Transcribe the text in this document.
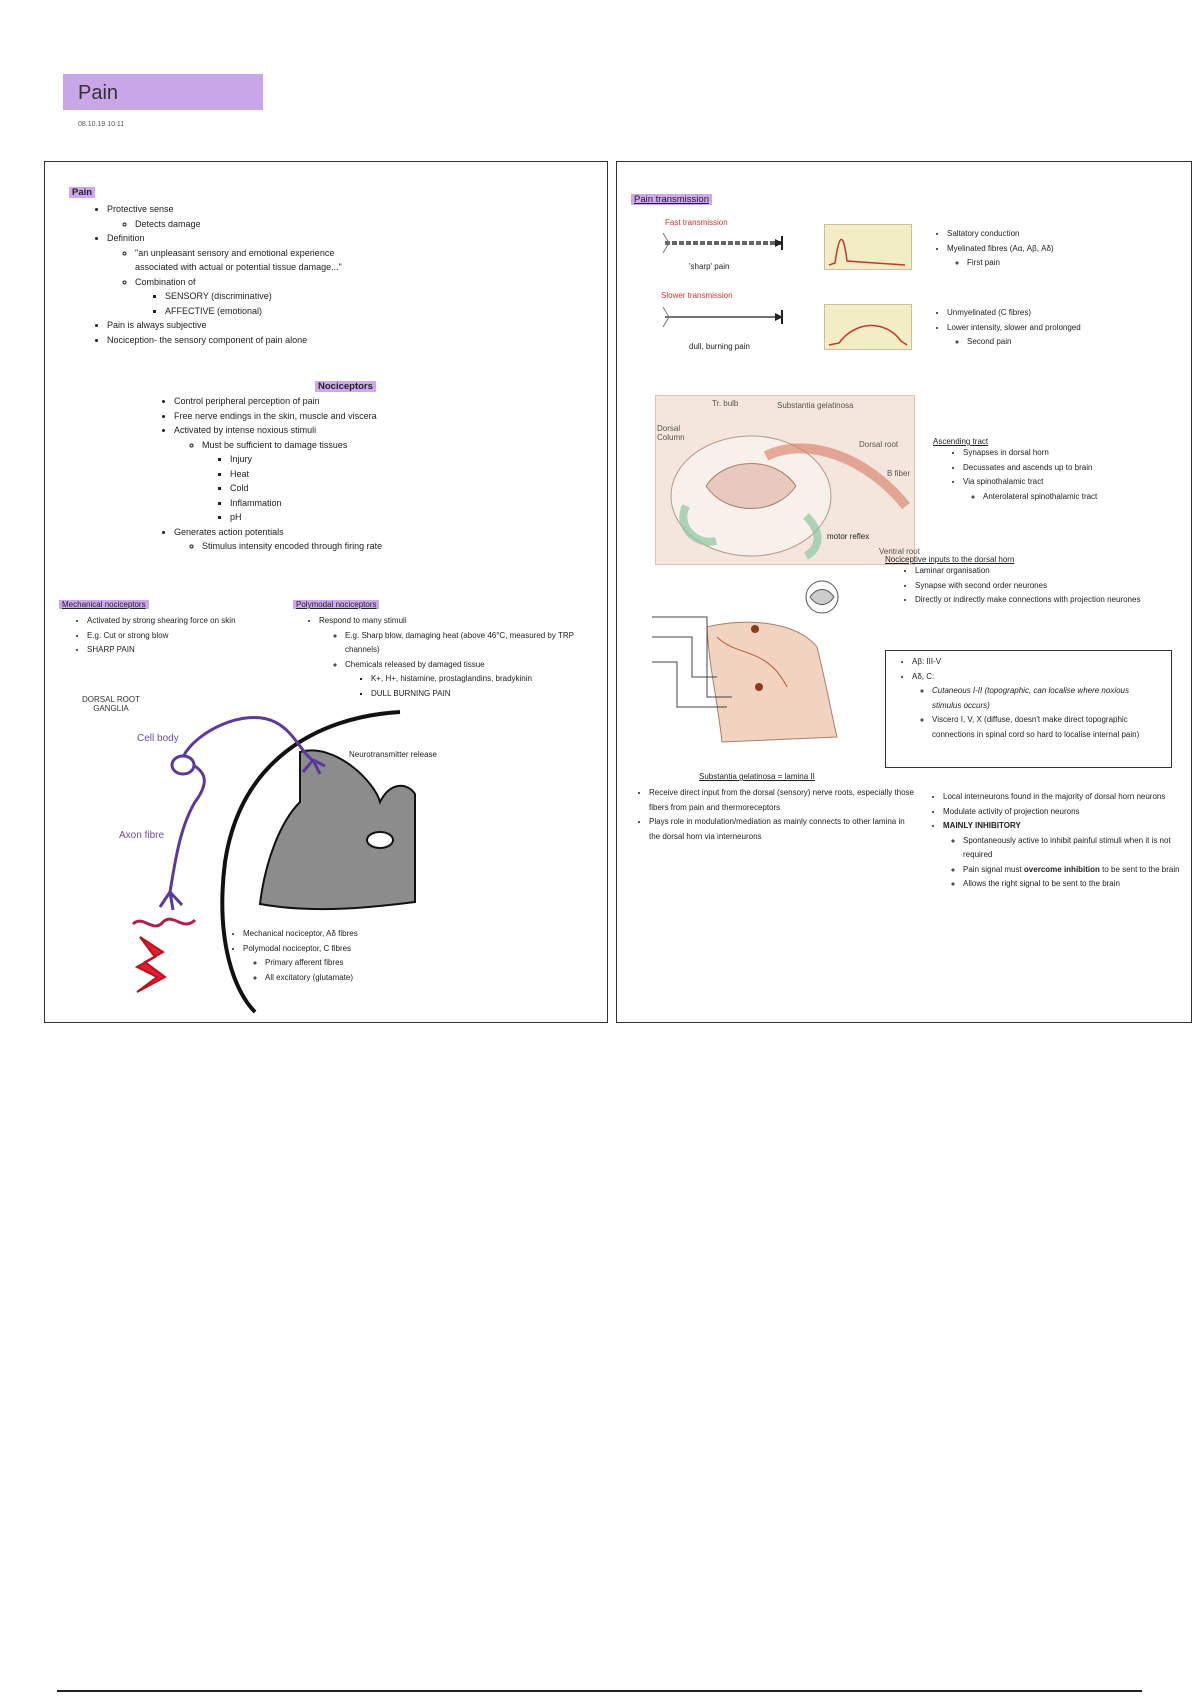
Pain
08.10.19 10:11
Pain
• Protective sense
◦ Detects damage
• Definition
◦ "an unpleasant sensory and emotional experience associated with actual or potential tissue damage..."
◦ Combination of
▪ SENSORY (discriminative)
▪ AFFECTIVE (emotional)
• Pain is always subjective
• Nociception- the sensory component of pain alone
Nociceptors
• Control peripheral perception of pain
• Free nerve endings in the skin, muscle and viscera
• Activated by intense noxious stimuli
◦ Must be sufficient to damage tissues
▪ Injury
▪ Heat
▪ Cold
▪ Inflammation
▪ pH
• Generates action potentials
◦ Stimulus intensity encoded through firing rate
Mechanical nociceptors
• Activated by strong shearing force on skin
• E.g. Cut or strong blow
• SHARP PAIN
Polymodal nociceptors
• Respond to many stimuli
◦ E.g. Sharp blow, damaging heat (above 46°C, measured by TRP channels)
◦ Chemicals released by damaged tissue
▪ K+, H+, histamine, prostaglandins, bradykinin
▪ DULL BURNING PAIN
DORSAL ROOT GANGLIA
Cell body
Neurotransmitter release
Axon fibre
• Mechanical nociceptor, Aδ fibres
• Polymodal nociceptor, C fibres
◦ Primary afferent fibres
◦ All excitatory (glutamate)
Pain transmission
Fast transmission
'sharp' pain
• Saltatory conduction
• Myelinated fibres (Aα, Aβ, Aδ)
◦ First pain
Slower transmission
dull, burning pain
• Unmyelinated (C fibres)
• Lower intensity, slower and prolonged
◦ Second pain
Tr. bulb	Substantia gelatinosa
Dorsal Column
Dorsal root
B fiber
motor reflex
Ventral root
Ascending tract
• Synapses in dorsal horn
• Decussates and ascends up to brain
• Via spinothalamic tract
◦ Anterolateral spinothalamic tract
Nociceptive inputs to the dorsal horn
• Laminar organisation
• Synapse with second order neurones
• Directly or indirectly make connections with projection neurones
• Aβ: III-V
• Aδ, C:
◦ Cutaneous I-II (topographic, can localise where noxious stimulus occurs)
◦ Viscero I, V, X (diffuse, doesn't make direct topographic connections in spinal cord so hard to localise internal pain)
Substantia gelatinosa = lamina II
• Receive direct input from the dorsal (sensory) nerve roots, especially those fibers from pain and thermoreceptors
• Plays role in modulation/mediation as mainly connects to other lamina in the dorsal horn via interneurons
• Local interneurons found in the majority of dorsal horn neurons
• Modulate activity of projection neurons
• MAINLY INHIBITORY
◦ Spontaneously active to inhibit painful stimuli when it is not required
◦ Pain signal must overcome inhibition to be sent to the brain
◦ Allows the right signal to be sent to the brain
